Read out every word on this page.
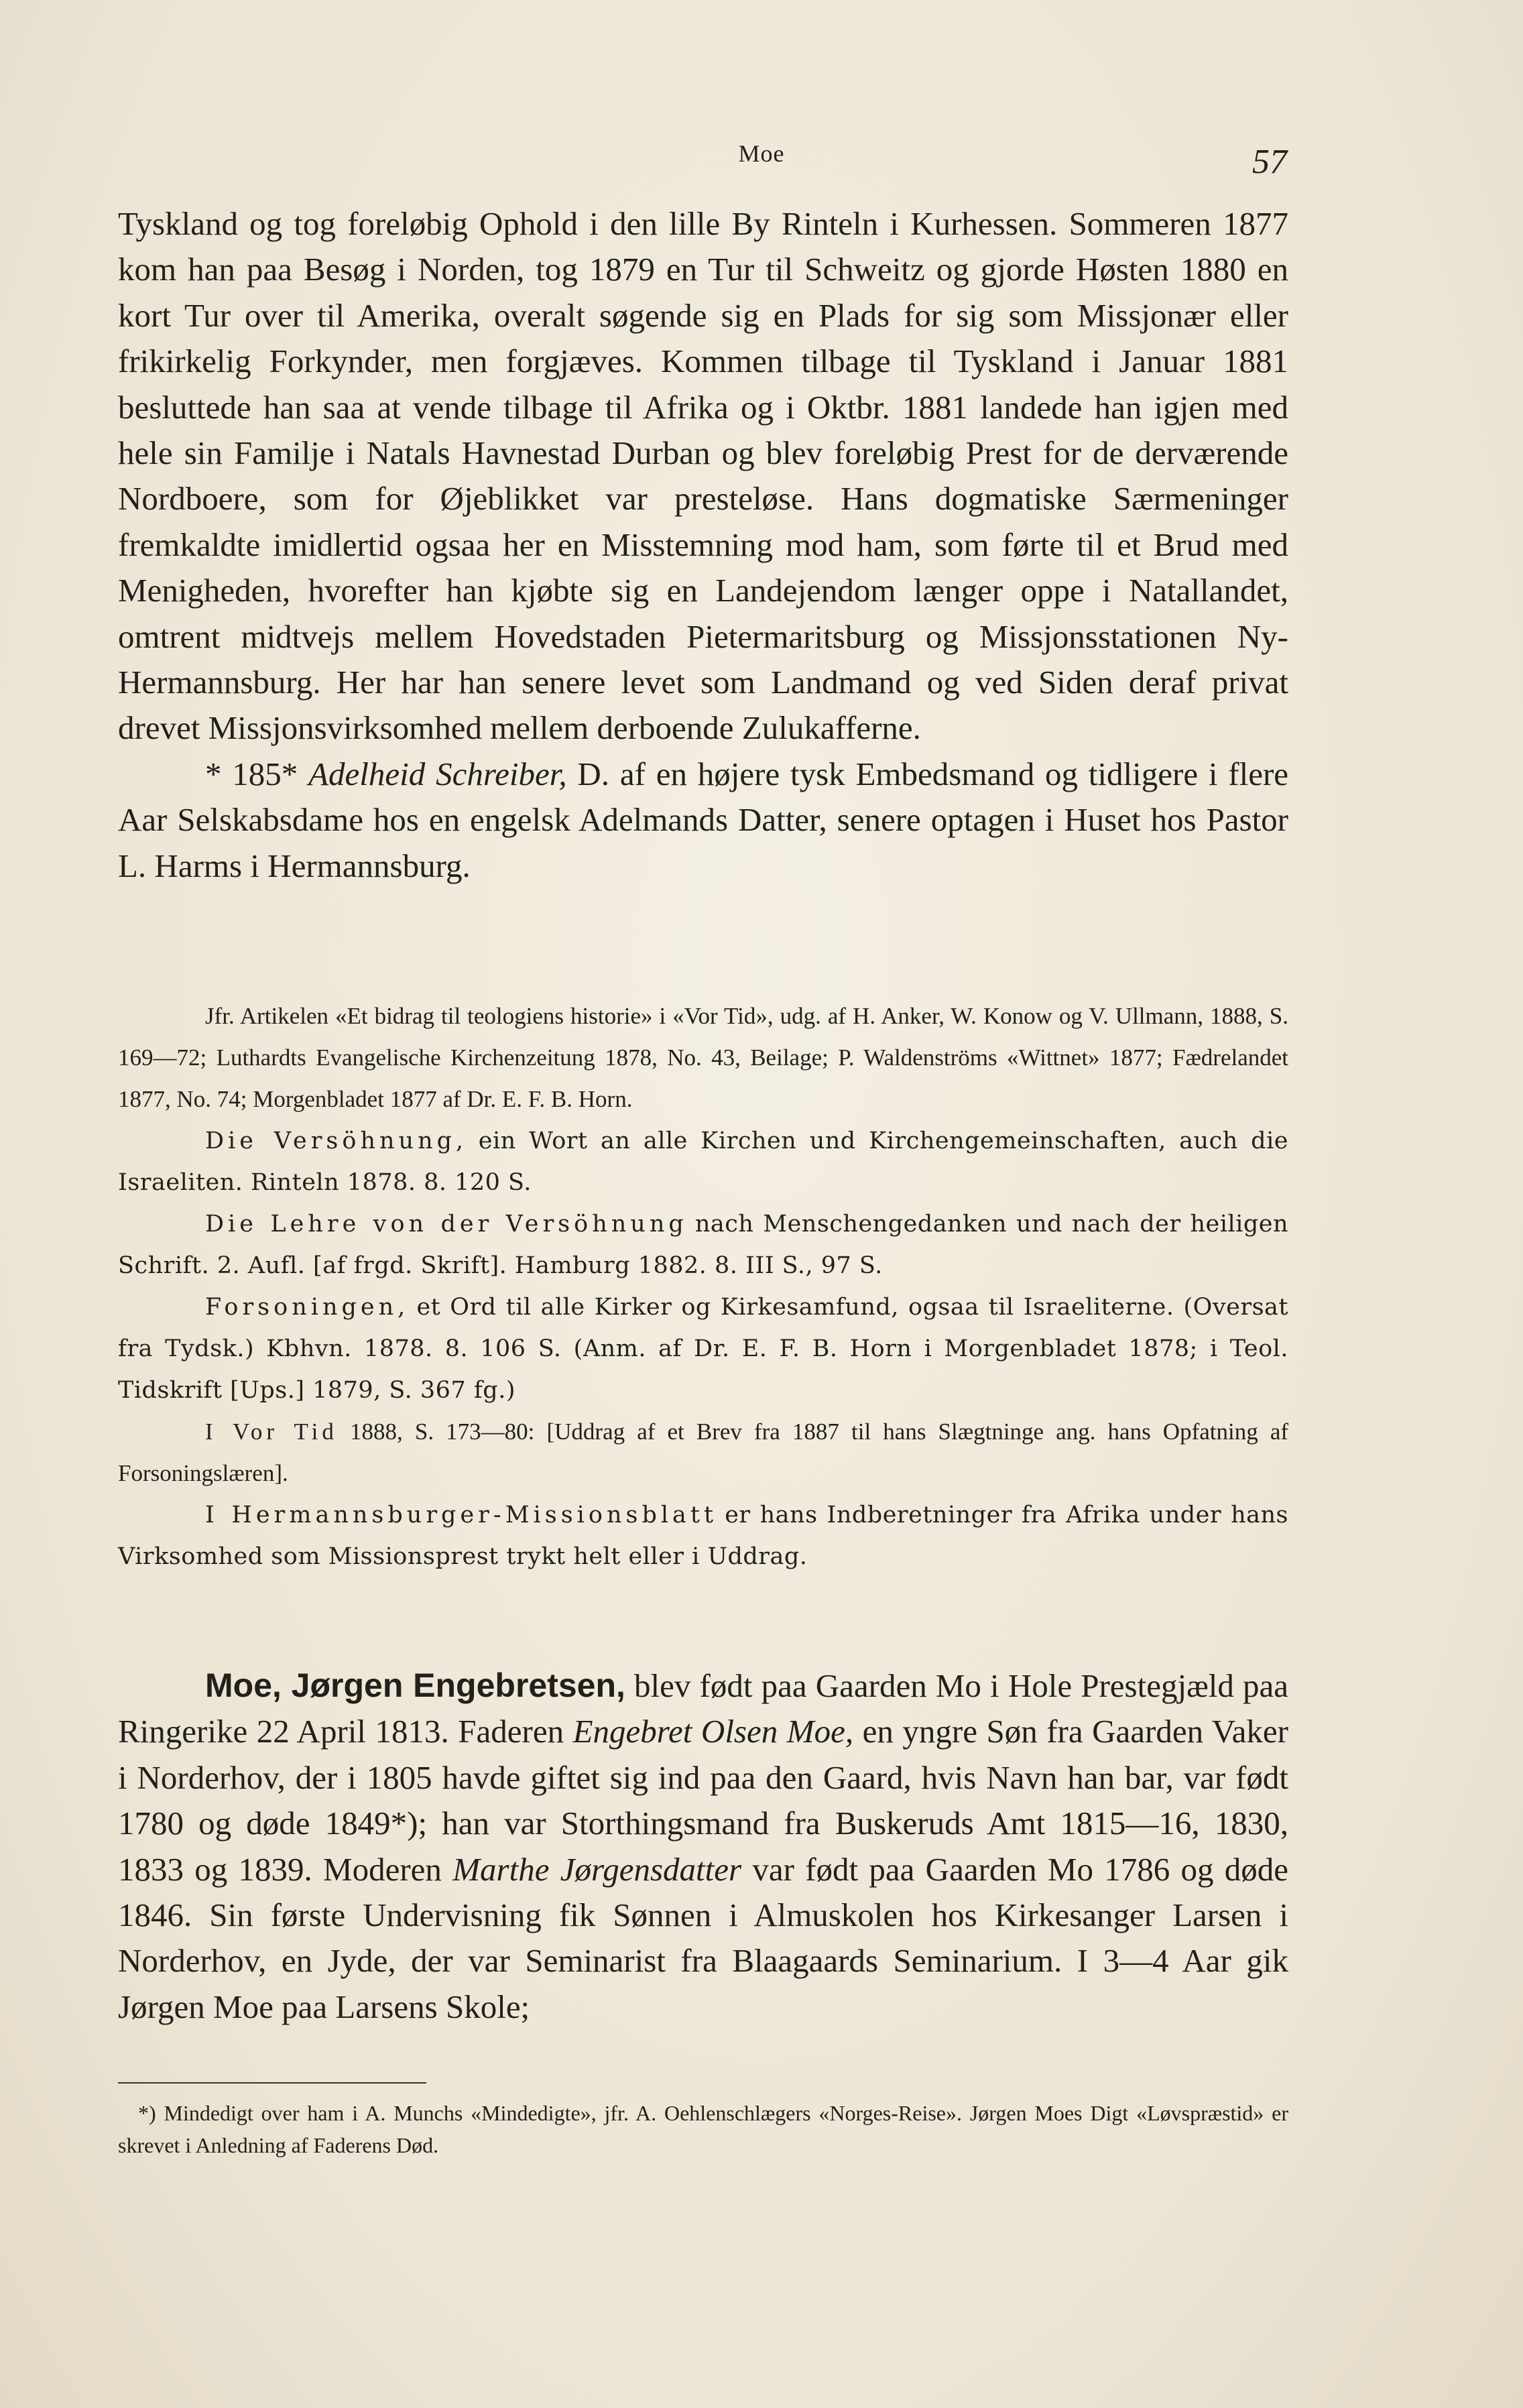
Moe	57

Tyskland og tog foreløbig Ophold i den lille By Rinteln i Kurhessen. Sommeren 1877 kom han paa Besøg i Norden, tog 1879 en Tur til Schweitz og gjorde Høsten 1880 en kort Tur over til Amerika, overalt søgende sig en Plads for sig som Missjonær eller frikirkelig Forkynder, men forgjæves. Kommen tilbage til Tyskland i Januar 1881 besluttede han saa at vende tilbage til Afrika og i Oktbr. 1881 landede han igjen med hele sin Familje i Natals Havnestad Durban og blev foreløbig Prest for de derværende Nordboere, som for Øjeblikket var presteløse. Hans dogmatiske Særmeninger fremkaldte imidlertid ogsaa her en Misstemning mod ham, som førte til et Brud med Menigheden, hvorefter han kjøbte sig en Landejendom længer oppe i Natallandet, omtrent midtvejs mellem Hovedstaden Pietermaritsburg og Missjonsstationen Ny-Hermannsburg. Her har han senere levet som Landmand og ved Siden deraf privat drevet Missjonsvirksomhed mellem derboende Zulukafferne.

* 185* Adelheid Schreiber, D. af en højere tysk Embedsmand og tidligere i flere Aar Selskabsdame hos en engelsk Adelmands Datter, senere optagen i Huset hos Pastor L. Harms i Hermannsburg.

Jfr. Artikelen «Et bidrag til teologiens historie» i «Vor Tid», udg. af H. Anker, W. Konow og V. Ullmann, 1888, S. 169—72; Luthardts Evangelische Kirchenzeitung 1878, No. 43, Beilage; P. Waldenströms «Wittnet» 1877; Fædrelandet 1877, No. 74; Morgenbladet 1877 af Dr. E. F. B. Horn.

Die Versöhnung, ein Wort an alle Kirchen und Kirchengemeinschaften, auch die Israeliten. Rinteln 1878. 8. 120 S.

Die Lehre von der Versöhnung nach Menschengedanken und nach der heiligen Schrift. 2. Aufl. [af frgd. Skrift]. Hamburg 1882. 8. III S., 97 S.

Forsoningen, et Ord til alle Kirker og Kirkesamfund, ogsaa til Israeliterne. (Oversat fra Tydsk.) Kbhvn. 1878. 8. 106 S. (Anm. af Dr. E. F. B. Horn i Morgenbladet 1878; i Teol. Tidskrift [Ups.] 1879, S. 367 fg.)

I Vor Tid 1888, S. 173—80: [Uddrag af et Brev fra 1887 til hans Slægtninge ang. hans Opfatning af Forsoningslæren].

I Hermannsburger-Missionsblatt er hans Indberetninger fra Afrika under hans Virksomhed som Missionsprest trykt helt eller i Uddrag.

Moe, Jørgen Engebretsen, blev født paa Gaarden Mo i Hole Prestegjæld paa Ringerike 22 April 1813. Faderen Engebret Olsen Moe, en yngre Søn fra Gaarden Vaker i Norderhov, der i 1805 havde giftet sig ind paa den Gaard, hvis Navn han bar, var født 1780 og døde 1849*); han var Storthingsmand fra Buskeruds Amt 1815—16, 1830, 1833 og 1839. Moderen Marthe Jørgensdatter var født paa Gaarden Mo 1786 og døde 1846. Sin første Undervisning fik Sønnen i Almuskolen hos Kirkesanger Larsen i Norderhov, en Jyde, der var Seminarist fra Blaagaards Seminarium. I 3—4 Aar gik Jørgen Moe paa Larsens Skole;

*) Mindedigt over ham i A. Munchs «Mindedigte», jfr. A. Oehlenschlægers «Norges-Reise». Jørgen Moes Digt «Løvspræstid» er skrevet i Anledning af Faderens Død.
